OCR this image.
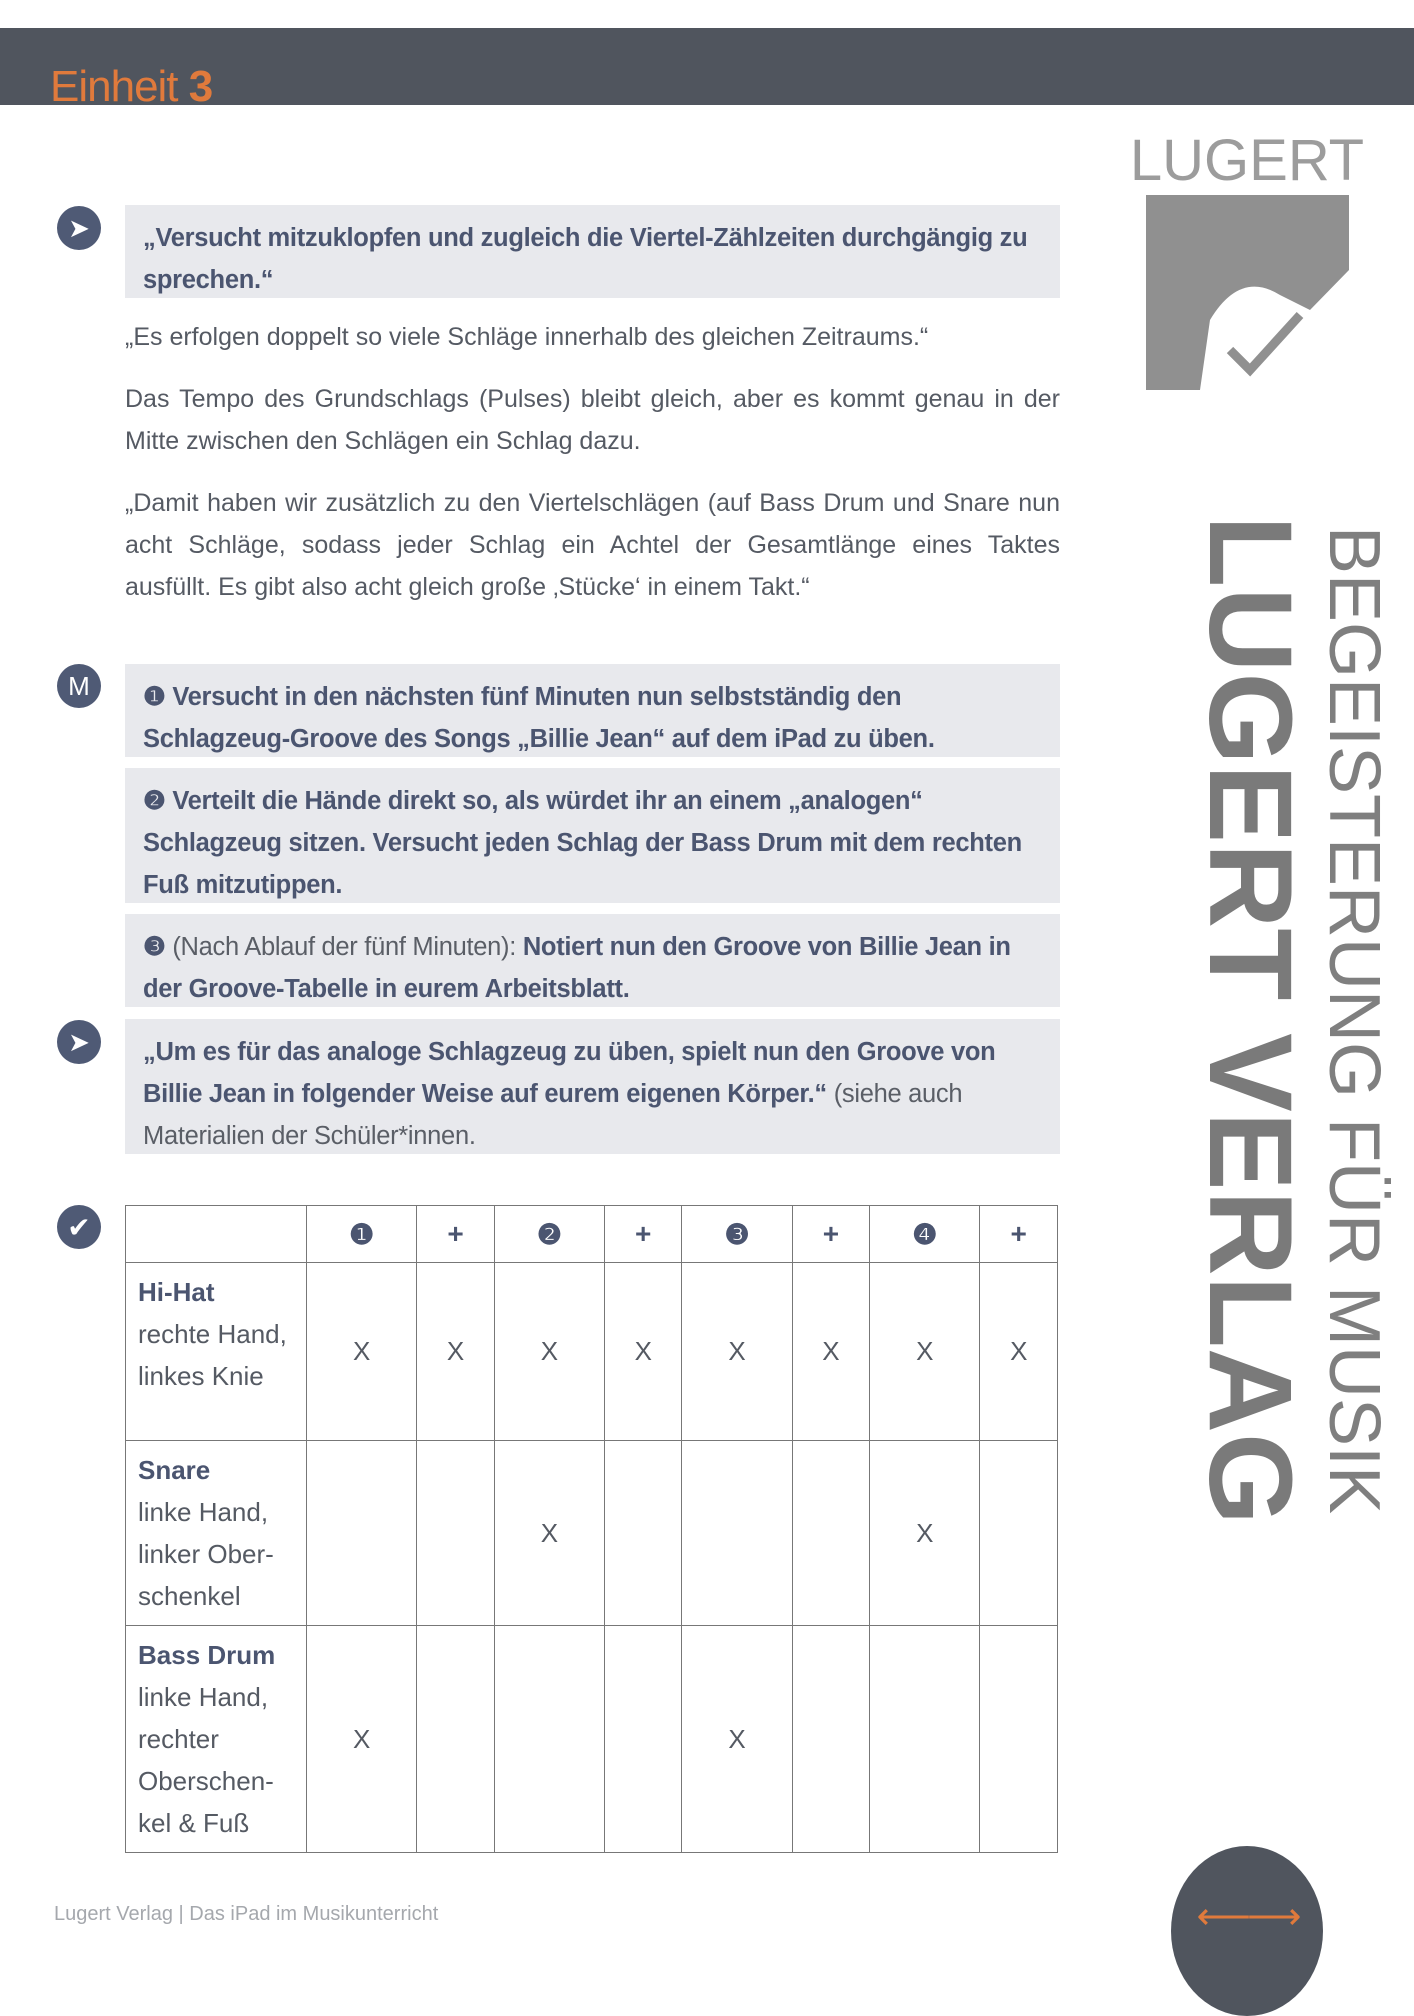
Einheit 3
➤	„Versucht mitzuklopfen und zugleich die Viertel-Zählzeiten durchgängig zu sprechen.“

„Es erfolgen doppelt so viele Schläge innerhalb des gleichen Zeitraums.“

Das Tempo des Grundschlags (Pulses) bleibt gleich, aber es kommt genau in der Mitte zwischen den Schlägen ein Schlag dazu.

„Damit haben wir zusätzlich zu den Viertelschlägen (auf Bass Drum und Snare nun acht Schläge, sodass jeder Schlag ein Achtel der Gesamtlänge eines Taktes ausfüllt. Es gibt also acht gleich große ‚Stücke‘ in einem Takt.“

M	❶ Versucht in den nächsten fünf Minuten nun selbstständig den Schlagzeug-Groove des Songs „Billie Jean“ auf dem iPad zu üben.
❷ Verteilt die Hände direkt so, als würdet ihr an einem „analogen“ Schlagzeug sitzen. Versucht jeden Schlag der Bass Drum mit dem rechten Fuß mitzutippen.
❸ (Nach Ablauf der fünf Minuten): Notiert nun den Groove von Billie Jean in der Groove-Tabelle in eurem Arbeitsblatt.
➤	„Um es für das analoge Schlagzeug zu üben, spielt nun den Groove von Billie Jean in folgender Weise auf eurem eigenen Körper.“ (siehe auch Materialien der Schüler*innen.
✔
		❶	+	❷	+	❸	+	❹	+
Hi-Hat
rechte Hand, linkes Knie	X	X	X	X	X	X	X	X
Snare
linke Hand, linker Ober-schenkel			X				X	
Bass Drum
linke Hand, rechter Oberschen-kel & Fuß	X				X			
LUGERT
LUGERT VERLAG
BEGEISTERUNG FÜR MUSIK
Lugert Verlag | Das iPad im Musikunterricht	⟵⟶
